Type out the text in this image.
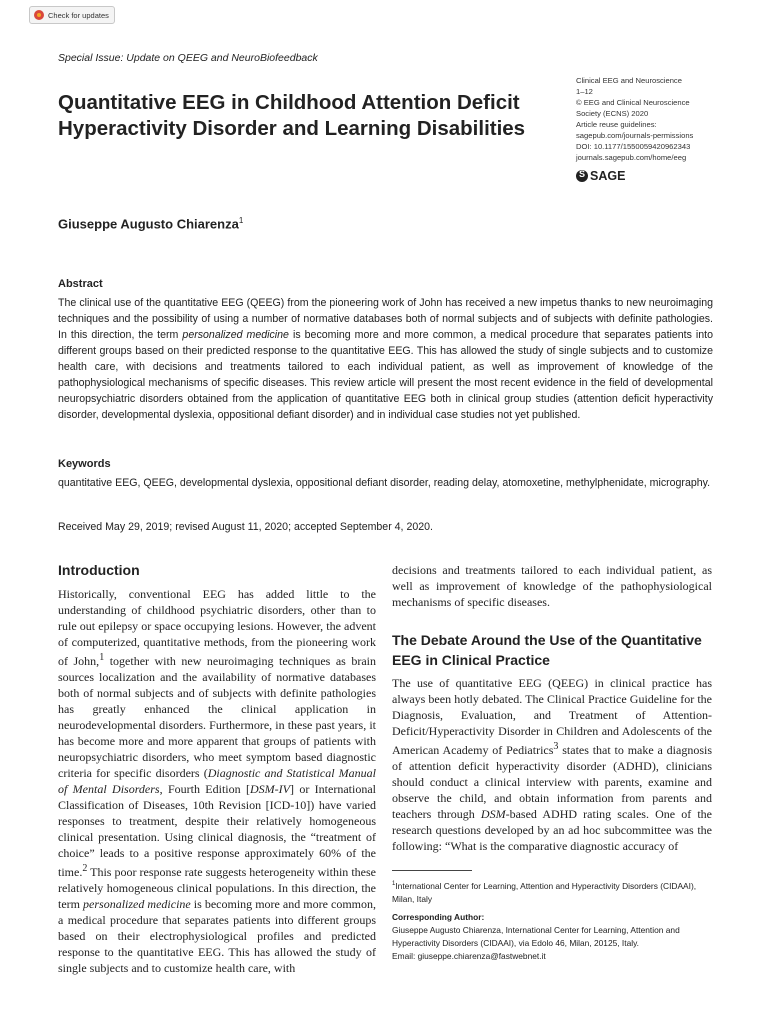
Check for updates
Special Issue: Update on QEEG and NeuroBiofeedback
Quantitative EEG in Childhood Attention Deficit Hyperactivity Disorder and Learning Disabilities
Clinical EEG and Neuroscience
1–12
© EEG and Clinical Neuroscience
Society (ECNS) 2020
Article reuse guidelines:
sagepub.com/journals-permissions
DOI: 10.1177/1550059420962343
journals.sagepub.com/home/eeg
S
SAGE
Giuseppe Augusto Chiarenza$^1$
Abstract
The clinical use of the quantitative EEG (QEEG) from the pioneering work of John has received a new impetus thanks to new neuroimaging techniques and the possibility of using a number of normative databases both of normal subjects and of subjects with definite pathologies. In this direction, the term personalized medicine is becoming more and more common, a medical procedure that separates patients into different groups based on their predicted response to the quantitative EEG. This has allowed the study of single subjects and to customize health care, with decisions and treatments tailored to each individual patient, as well as improvement of knowledge of the pathophysiological mechanisms of specific diseases. This review article will present the most recent evidence in the field of developmental neuropsychiatric disorders obtained from the application of quantitative EEG both in clinical group studies (attention deficit hyperactivity disorder, developmental dyslexia, oppositional defiant disorder) and in individual case studies not yet published.
Keywords
quantitative EEG, QEEG, developmental dyslexia, oppositional defiant disorder, reading delay, atomoxetine, methylphenidate, micrography.
Received May 29, 2019; revised August 11, 2020; accepted September 4, 2020.
Introduction
Historically, conventional EEG has added little to the understanding of childhood psychiatric disorders, other than to rule out epilepsy or space occupying lesions. However, the advent of computerized, quantitative methods, from the pioneering work of John,$^1$ together with new neuroimaging techniques as brain sources localization and the availability of normative databases both of normal subjects and of subjects with definite pathologies has greatly enhanced the clinical application in neurodevelopmental disorders. Furthermore, in these past years, it has become more and more apparent that groups of patients with neuropsychiatric disorders, who meet symptom based diagnostic criteria for specific disorders (Diagnostic and Statistical Manual of Mental Disorders, Fourth Edition [DSM-IV] or International Classification of Diseases, 10th Revision [ICD-10]) have varied responses to treatment, despite their relatively homogeneous clinical presentation. Using clinical diagnosis, the “treatment of choice” leads to a positive response approximately 60% of the time.$^2$ This poor response rate suggests heterogeneity within these relatively homogeneous clinical populations. In this direction, the term personalized medicine is becoming more and more common, a medical procedure that separates patients into different groups based on their electrophysiological profiles and predicted response to the quantitative EEG. This has allowed the study of single subjects and to customize health care, with
decisions and treatments tailored to each individual patient, as well as improvement of knowledge of the pathophysiological mechanisms of specific diseases.
The Debate Around the Use of the Quantitative EEG in Clinical Practice
The use of quantitative EEG (QEEG) in clinical practice has always been hotly debated. The Clinical Practice Guideline for the Diagnosis, Evaluation, and Treatment of Attention-Deficit/Hyperactivity Disorder in Children and Adolescents of the American Academy of Pediatrics$^3$ states that to make a diagnosis of attention deficit hyperactivity disorder (ADHD), clinicians should conduct a clinical interview with parents, examine and observe the child, and obtain information from parents and teachers through DSM-based ADHD rating scales. One of the research questions developed by an ad hoc subcommittee was the following: “What is the comparative diagnostic accuracy of
$^1$International Center for Learning, Attention and Hyperactivity Disorders (CIDAAI), Milan, Italy
Corresponding Author:
Giuseppe Augusto Chiarenza, International Center for Learning, Attention and Hyperactivity Disorders (CIDAAI), via Edolo 46, Milan, 20125, Italy.
Email: giuseppe.chiarenza@fastwebnet.it
